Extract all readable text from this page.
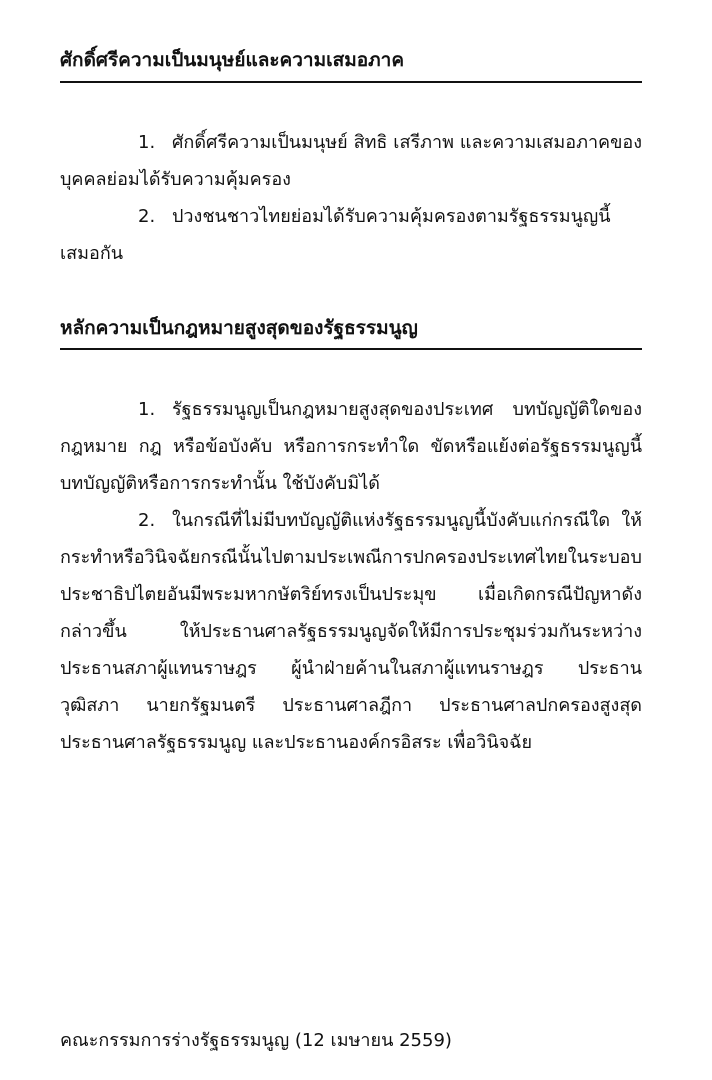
ศักดิ์ศรีความเป็นมนุษย์และความเสมอภาค

1. ศักดิ์ศรีความเป็นมนุษย์ สิทธิ เสรีภาพ และความเสมอภาคของบุคคลย่อมได้รับความคุ้มครอง

2. ปวงชนชาวไทยย่อมได้รับความคุ้มครองตามรัฐธรรมนูญนี้เสมอกัน

หลักความเป็นกฎหมายสูงสุดของรัฐธรรมนูญ

1. รัฐธรรมนูญเป็นกฎหมายสูงสุดของประเทศ บทบัญญัติใดของกฎหมาย กฎ หรือข้อบังคับ หรือการกระทำใด ขัดหรือแย้งต่อรัฐธรรมนูญนี้ บทบัญญัติหรือการกระทำนั้น ใช้บังคับมิได้

2. ในกรณีที่ไม่มีบทบัญญัติแห่งรัฐธรรมนูญนี้บังคับแก่กรณีใด ให้กระทำหรือวินิจฉัยกรณีนั้นไปตามประเพณีการปกครองประเทศไทยในระบอบประชาธิปไตยอันมีพระมหากษัตริย์ทรงเป็นประมุข เมื่อเกิดกรณีปัญหาดังกล่าวขึ้น ให้ประธานศาลรัฐธรรมนูญจัดให้มีการประชุมร่วมกันระหว่างประธานสภาผู้แทนราษฎร ผู้นำฝ่ายค้านในสภาผู้แทนราษฎร ประธานวุฒิสภา นายกรัฐมนตรี ประธานศาลฎีกา ประธานศาลปกครองสูงสุด ประธานศาลรัฐธรรมนูญ และประธานองค์กรอิสระ เพื่อวินิจฉัย

คณะกรรมการร่างรัฐธรรมนูญ (12 เมษายน 2559)
